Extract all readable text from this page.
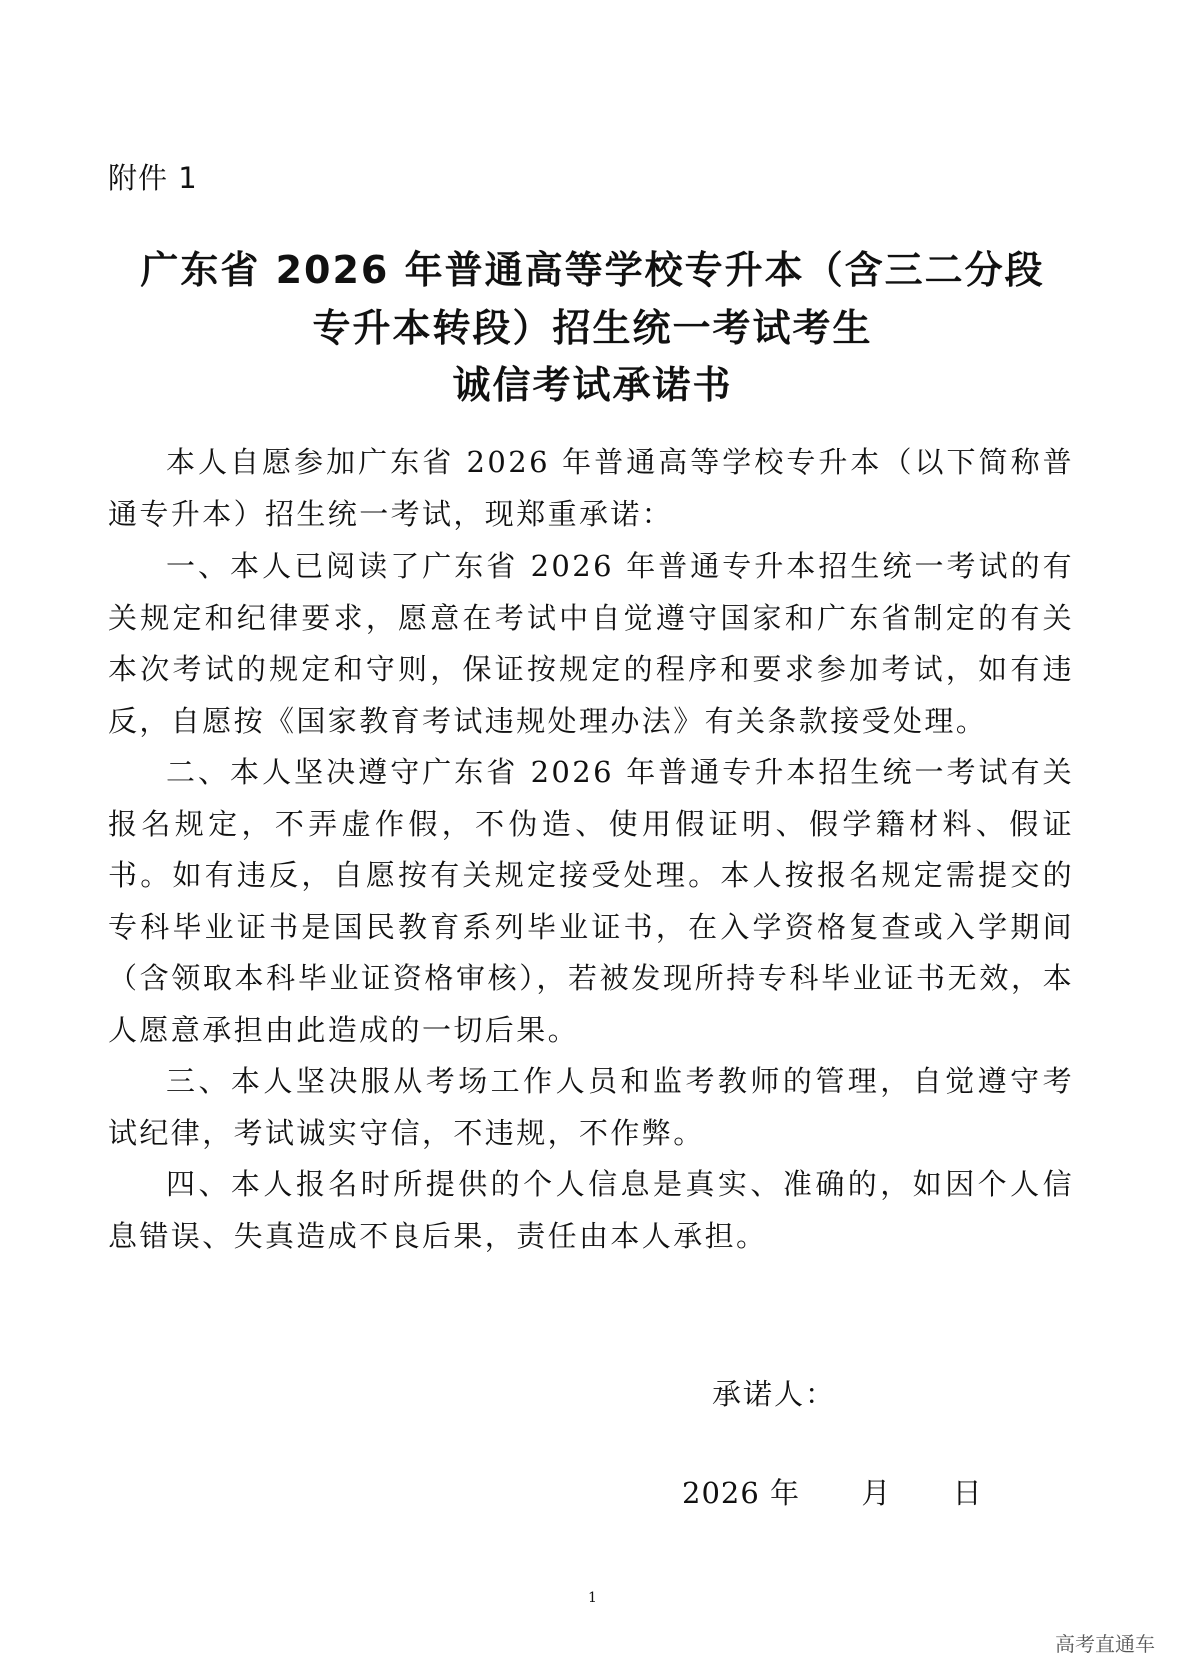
附件 1
广东省 2026 年普通高等学校专升本（含三二分段
专升本转段）招生统一考试考生
诚信考试承诺书

本人自愿参加广东省 2026 年普通高等学校专升本（以下简称普通专升本）招生统一考试，现郑重承诺：

一、本人已阅读了广东省 2026 年普通专升本招生统一考试的有关规定和纪律要求，愿意在考试中自觉遵守国家和广东省制定的有关本次考试的规定和守则，保证按规定的程序和要求参加考试，如有违反，自愿按《国家教育考试违规处理办法》有关条款接受处理。

二、本人坚决遵守广东省 2026 年普通专升本招生统一考试有关报名规定，不弄虚作假，不伪造、使用假证明、假学籍材料、假证书。如有违反，自愿按有关规定接受处理。本人按报名规定需提交的专科毕业证书是国民教育系列毕业证书，在入学资格复查或入学期间（含领取本科毕业证资格审核），若被发现所持专科毕业证书无效，本人愿意承担由此造成的一切后果。

三、本人坚决服从考场工作人员和监考教师的管理，自觉遵守考试纪律，考试诚实守信，不违规，不作弊。

四、本人报名时所提供的个人信息是真实、准确的，如因个人信息错误、失真造成不良后果，责任由本人承担。

承诺人：
2026 年      月      日
1
高考直通车
